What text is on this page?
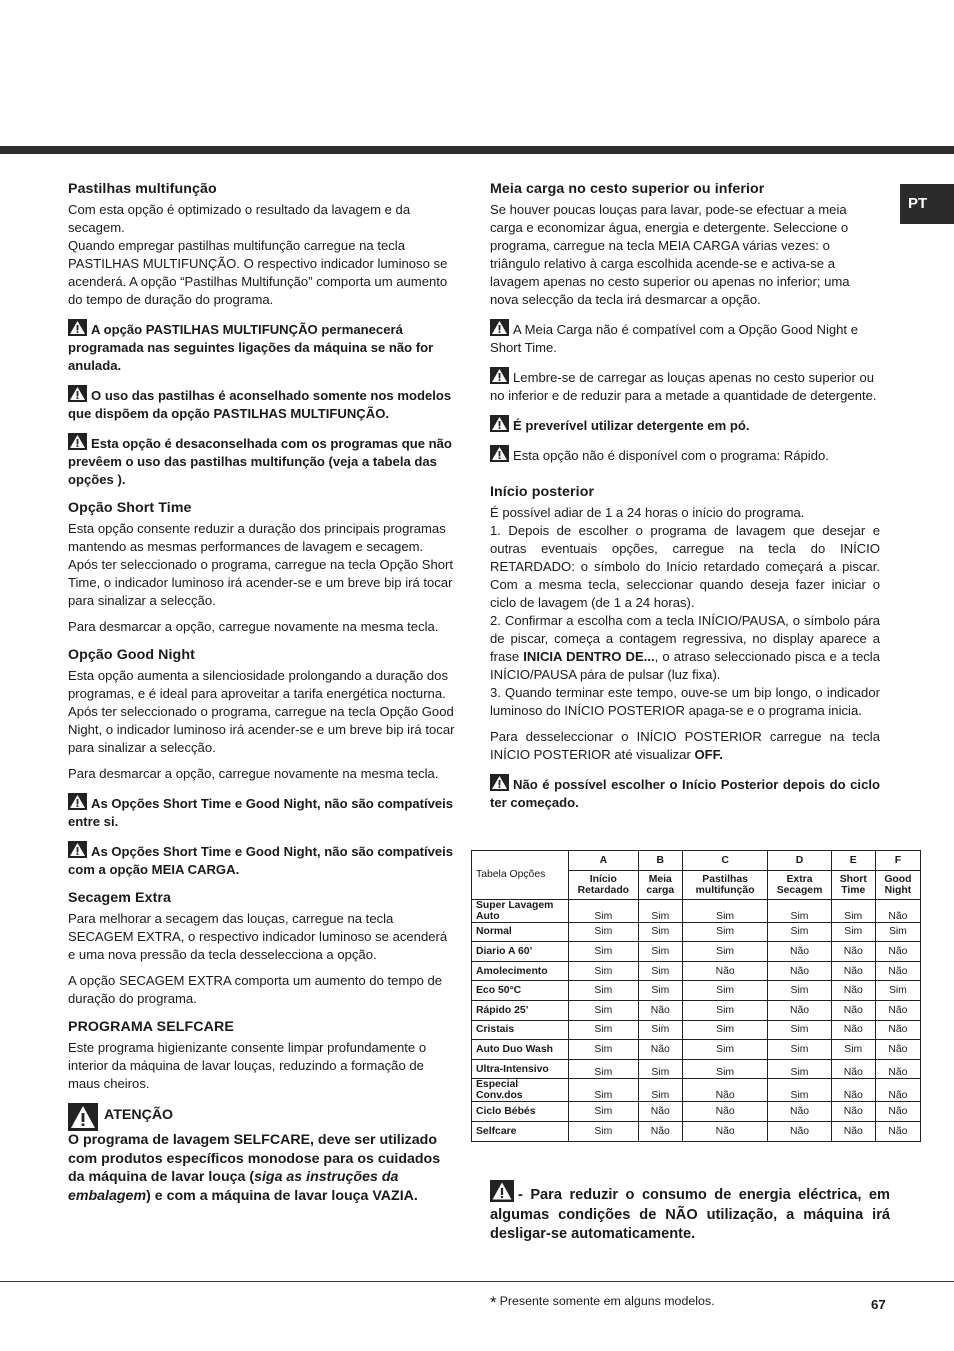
PT
Pastilhas multifunção

Com esta opção é optimizado o resultado da lavagem e da secagem.

Quando empregar pastilhas multifunção carregue na tecla PASTILHAS MULTIFUNÇÃO. O respectivo indicador luminoso se acenderá. A opção “Pastilhas Multifunção” comporta um aumento do tempo de duração do programa.

A opção PASTILHAS MULTIFUNÇÃO permanecerá programada nas seguintes ligações da máquina se não for anulada.
O uso das pastilhas é aconselhado somente nos modelos que dispõem da opção PASTILHAS MULTIFUNÇÃO.
Esta opção é desaconselhada com os programas que não prevêem o uso das pastilhas multifunção (veja a tabela das opções ).
Opção Short Time

Esta opção consente reduzir a duração dos principais programas mantendo as mesmas performances de lavagem e secagem.

Após ter seleccionado o programa, carregue na tecla Opção Short Time, o indicador luminoso irá acender-se e um breve bip irá tocar para sinalizar a selecção.

Para desmarcar a opção, carregue novamente na mesma tecla.

Opção Good Night

Esta opção aumenta a silenciosidade prolongando a duração dos programas, e é ideal para aproveitar a tarifa energética nocturna.

Após ter seleccionado o programa, carregue na tecla Opção Good Night, o indicador luminoso irá acender-se e um breve bip irá tocar para sinalizar a selecção.

Para desmarcar a opção, carregue novamente na mesma tecla.

As Opções Short Time e Good Night, não são compatíveis entre si.
As Opções Short Time e Good Night, não são compatíveis com a opção MEIA CARGA.
Secagem Extra

Para melhorar a secagem das louças, carregue na tecla SECAGEM EXTRA, o respectivo indicador luminoso se acenderá e uma nova pressão da tecla desselecciona a opção.

A opção SECAGEM EXTRA comporta um aumento do tempo de duração do programa.

PROGRAMA SELFCARE

Este programa higienizante consente limpar profundamente o interior da máquina de lavar louças, reduzindo a formação de maus cheiros.

ATENÇÃO
O programa de lavagem SELFCARE, deve ser utilizado com produtos específicos monodose para os cuidados da máquina de lavar louça (siga as instruções da embalagem) e com a máquina de lavar louça VAZIA.
Meia carga no cesto superior ou inferior

Se houver poucas louças para lavar, pode-se efectuar a meia carga e economizar água, energia e detergente. Seleccione o programa, carregue na tecla MEIA CARGA várias vezes: o triângulo relativo à carga escolhida acende-se e activa-se a lavagem apenas no cesto superior ou apenas no inferior; uma nova selecção da tecla irá desmarcar a opção.

A Meia Carga não é compatível com a Opção Good Night e Short Time.
Lembre-se de carregar as louças apenas no cesto superior ou no inferior e de reduzir para a metade a quantidade de detergente.
É preverível utilizar detergente em pó.
Esta opção não é disponível com o programa: Rápido.
Início posterior

É possível adiar de 1 a 24 horas o início do programa.

1. Depois de escolher o programa de lavagem que desejar e outras eventuais opções, carregue na tecla do INÍCIO RETARDADO: o símbolo do Início retardado começará a piscar. Com a mesma tecla, seleccionar quando deseja fazer iniciar o ciclo de lavagem (de 1 a 24 horas).

2. Confirmar a escolha com a tecla INÍCIO/PAUSA, o símbolo pára de piscar, começa a contagem regressiva, no display aparece a frase INICIA DENTRO DE..., o atraso seleccionado pisca e a tecla INÍCIO/PAUSA pára de pulsar (luz fixa).

3. Quando terminar este tempo, ouve-se um bip longo, o indicador luminoso do INÍCIO POSTERIOR apaga-se e o programa inicia.

Para desseleccionar o INÍCIO POSTERIOR carregue na tecla INÍCIO POSTERIOR até visualizar OFF.

Não é possível escolher o Início Posterior depois do ciclo ter começado.
Tabela Opções	A	B	C	D	E	F
	Início Retardado	Meia carga	Pastilhas multifunção	Extra Secagem	Short Time	Good Night
Super Lavagem Auto	Sim	Sim	Sim	Sim	Sim	Não
Normal	Sim	Sim	Sim	Sim	Sim	Sim
Diario A 60’	Sim	Sim	Sim	Não	Não	Não
Amolecimento	Sim	Sim	Não	Não	Não	Não
Eco 50°C	Sim	Sim	Sim	Sim	Não	Sim
Rápido 25’	Sim	Não	Sim	Não	Não	Não
Cristais	Sim	Sim	Sim	Sim	Não	Não
Auto Duo Wash	Sim	Não	Sim	Sim	Sim	Não
Ultra-Intensivo	Sim	Sim	Sim	Sim	Não	Não
Especial Conv.dos	Sim	Sim	Não	Sim	Não	Não
Ciclo Bébés	Sim	Não	Não	Não	Não	Não
Selfcare	Sim	Não	Não	Não	Não	Não
- Para reduzir o consumo de energia eléctrica, em algumas condições de NÃO utilização, a máquina irá desligar-se automaticamente.
* Presente somente em alguns modelos.	67
